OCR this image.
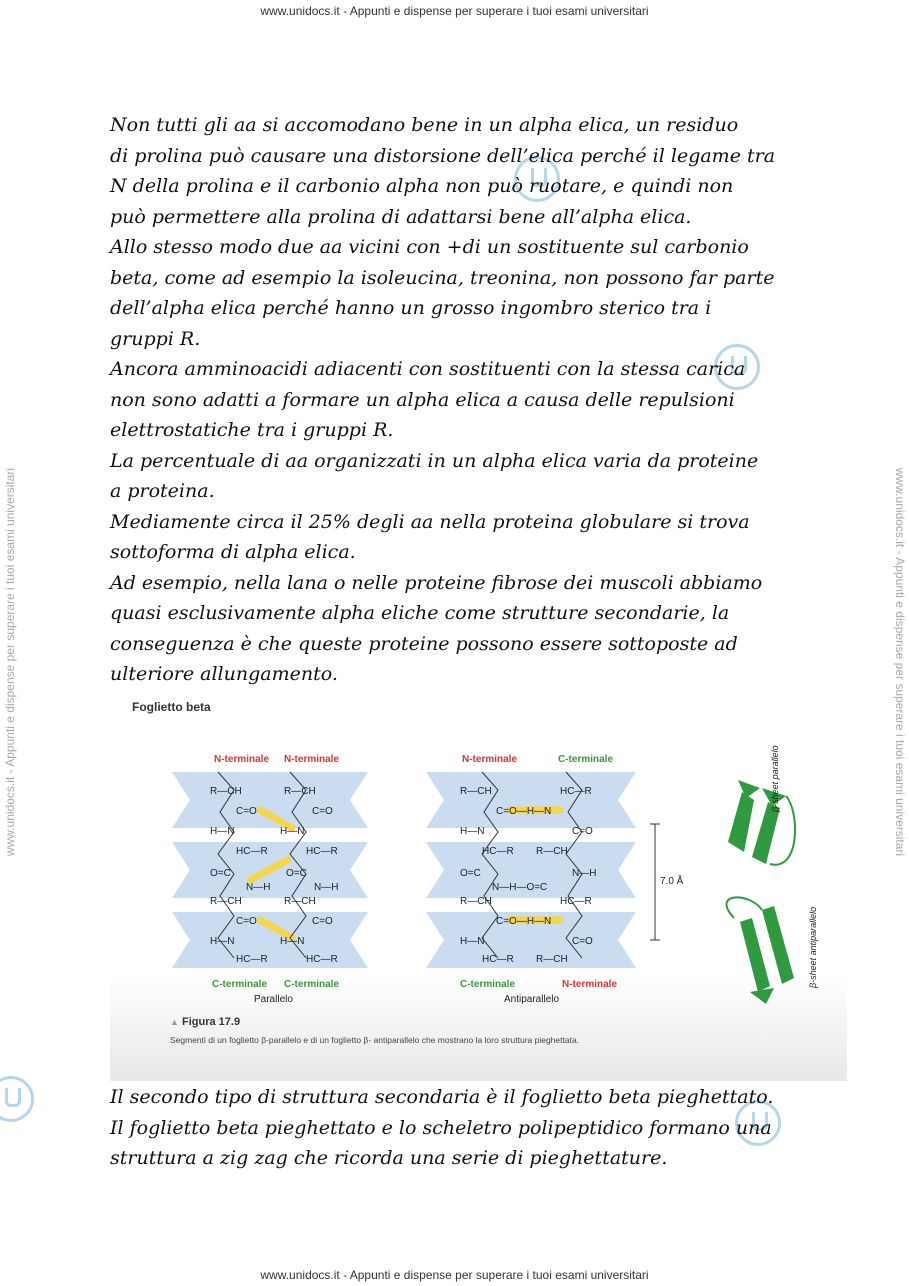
www.unidocs.it - Appunti e dispense per superare i tuoi esami universitari
www.unidocs.it - Appunti e dispense per superare i tuoi esami universitari	www.unidocs.it - Appunti e dispense per superare i tuoi esami universitari
Non tutti gli aa si accomodano bene in un alpha elica, un residuo
di prolina può causare una distorsione dell’elica perché il legame tra
N della prolina e il carbonio alpha non può ruotare, e quindi non
può permettere alla prolina di adattarsi bene all’alpha elica.
Allo stesso modo due aa vicini con +di un sostituente sul carbonio
beta, come ad esempio la isoleucina, treonina, non possono far parte
dell’alpha elica perché hanno un grosso ingombro sterico tra i
gruppi R.
Ancora amminoacidi adiacenti con sostituenti con la stessa carica
non sono adatti a formare un alpha elica a causa delle repulsioni
elettrostatiche tra i gruppi R.
La percentuale di aa organizzati in un alpha elica varia da proteine
a proteina.
Mediamente circa il 25% degli aa nella proteina globulare si trova
sottoforma di alpha elica.
Ad esempio, nella lana o nelle proteine fibrose dei muscoli abbiamo
quasi esclusivamente alpha eliche come strutture secondarie, la
conseguenza è che queste proteine possono essere sottoposte ad
ulteriore allungamento.
Foglietto beta
R—CH	R—CH
C=O	C=O
H—N	H—N
HC—R	HC—R
O=C	O=C
N—H	N—H
R—CH	R—CH
C=O	C=O
H—N	H—N
HC—R	HC—R
R—CH	HC—R
C=O—H—N
H—N	C=O
HC—R R—CH
O=C	N—H
N—H—O=C
R—CH	HC—R
C=O—H—N
H—N	C=O
HC—R R—CH
N-terminale N-terminale	N-terminale	C-terminale
C-terminale C-terminale	C-terminale	N-terminale
Parallelo	Antiparallelo
7.0 Å
β-sheet parallelo
β-sheet antiparallelo
▲ Figura 17.9
Segmenti di un foglietto β-parallelo e di un foglietto β- antiparallelo che mostrano la loro struttura pieghettata.
Il secondo tipo di struttura secondaria è il foglietto beta pieghettato.
Il foglietto beta pieghettato e lo scheletro polipeptidico formano una
struttura a zig zag che ricorda una serie di pieghettature.
www.unidocs.it - Appunti e dispense per superare i tuoi esami universitari
